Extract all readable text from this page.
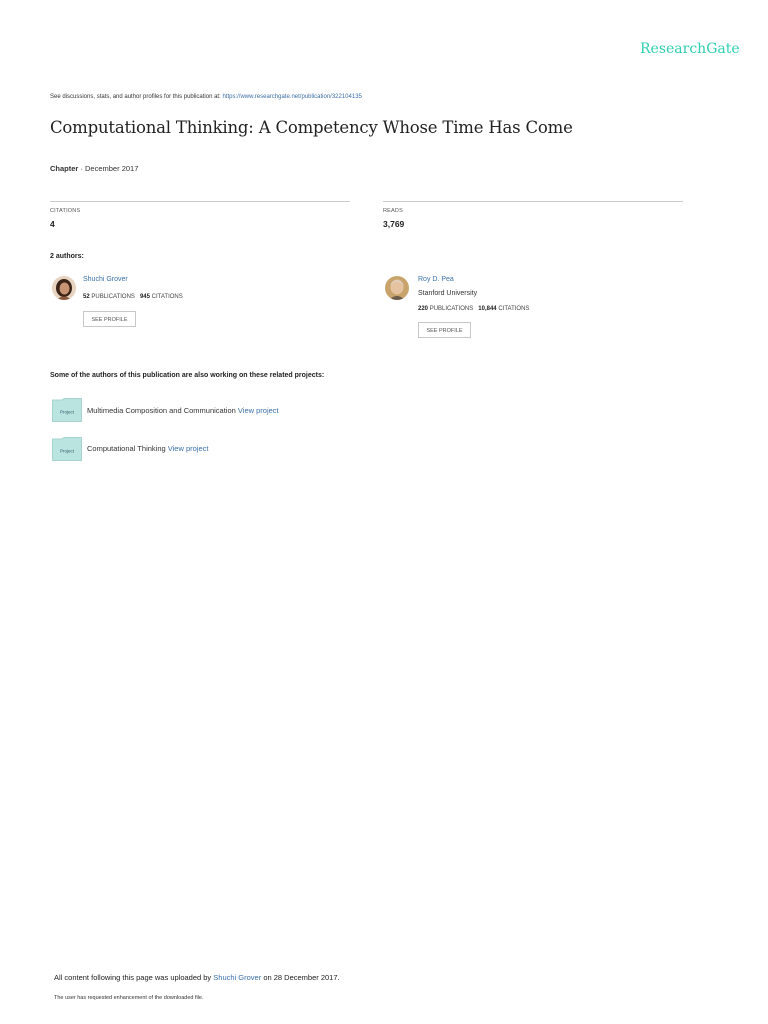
ResearchGate
See discussions, stats, and author profiles for this publication at: https://www.researchgate.net/publication/322104135
Computational Thinking: A Competency Whose Time Has Come
Chapter · December 2017
CITATIONS
4
READS
3,769
2 authors:
Shuchi Grover
52 PUBLICATIONS 945 CITATIONS
SEE PROFILE
Roy D. Pea
Stanford University
220 PUBLICATIONS 10,844 CITATIONS
SEE PROFILE
Some of the authors of this publication are also working on these related projects:
Project Multimedia Composition and Communication View project
Project Computational Thinking View project
All content following this page was uploaded by Shuchi Grover on 28 December 2017.
The user has requested enhancement of the downloaded file.
